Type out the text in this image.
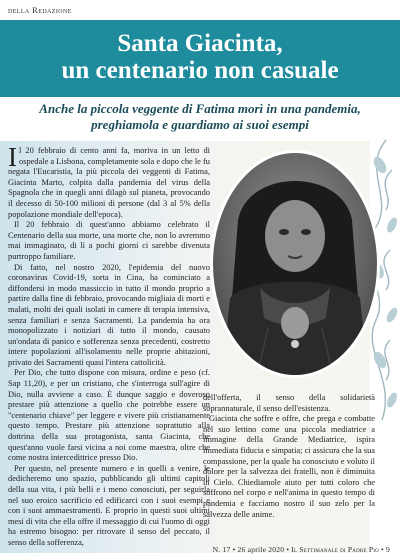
della Redazione
Santa Giacinta,
un centenario non casuale
Anche la piccola veggente di Fatima morì in una pandemia,
preghiamola e guardiamo ai suoi esempi

Il 20 febbraio di cento anni fa, moriva in un letto di ospedale a Lisbona, completamente sola e dopo che le fu negata l'Eucaristia, la più piccola dei veggenti di Fatima, Giacinta Marto, colpita dalla pandemia del virus della Spagnola che in quegli anni dilagò sul pianeta, provocando il decesso di 50-100 milioni di persone (dal 3 al 5% della popolazione mondiale dell'epoca).

Il 20 febbraio di quest'anno abbiamo celebrato il Centenario della sua morte, una morte che, non lo avremmo mai immaginato, di lì a pochi giorni ci sarebbe divenuta purtroppo familiare.

Di fatto, nel nostro 2020, l'epidemia del nuovo coronavirus Covid-19, sorta in Cina, ha cominciato a diffondersi in modo massiccio in tutto il mondo proprio a partire dalla fine di febbraio, provocando migliaia di morti e malati, molti dei quali isolati in camere di terapia intensiva, senza familiari e senza Sacramenti. La pandemia ha ora monopolizzato i notiziari di tutto il mondo, causato un'ondata di panico e sofferenza senza precedenti, costretto intere popolazioni all'isolamento nelle proprie abitazioni, privato dei Sacramenti quasi l'intera cattolicità.

Per Dio, che tutto dispone con misura, ordine e peso (cf. Sap 11,20), e per un cristiano, che s'interroga sull'agire di Dio, nulla avviene a caso. È dunque saggio e doveroso prestare più attenzione a quello che potrebbe essere un "centenario chiave" per leggere e vivere più cristianamente questo tempo. Prestare più attenzione soprattutto alla dottrina della sua protagonista, santa Giacinta, che quest'anno vuole farsi vicina a noi come maestra, oltre che come nostra intercedittrice presso Dio.

Per questo, nel presente numero e in quelli a venire, le dedicheremo uno spazio, pubblicando gli ultimi capitoli della sua vita, i più belli e i meno conosciuti, per seguirla nel suo eroico sacrificio ed edificarci con i suoi esempi e con i suoi ammaestramenti. E proprio in questi suoi ultimi mesi di vita che ella offre il messaggio di cui l'uomo di oggi ha estremo bisogno: per ritrovare il senso del peccato, il senso della sofferenza,

dell'offerta, il senso della solidarietà soprannaturale, il senso dell'esistenza.

Giacinta che soffre e offre, che prega e combatte nel suo lettino come una piccola mediatrice a immagine della Grande Mediatrice, ispira immediata fiducia e simpatia; ci assicura che la sua compassione, per la quale ha conosciuto e voluto il dolore per la salvezza dei fratelli, non è diminuita in Cielo. Chiediamole aiuto per tutti coloro che soffrono nel corpo e nell'anima in questo tempo di pandemia e facciamo nostro il suo zelo per la salvezza delle anime.

N. 17 • 26 aprile 2020 • Il Settimanale di Padre Pio • 9
